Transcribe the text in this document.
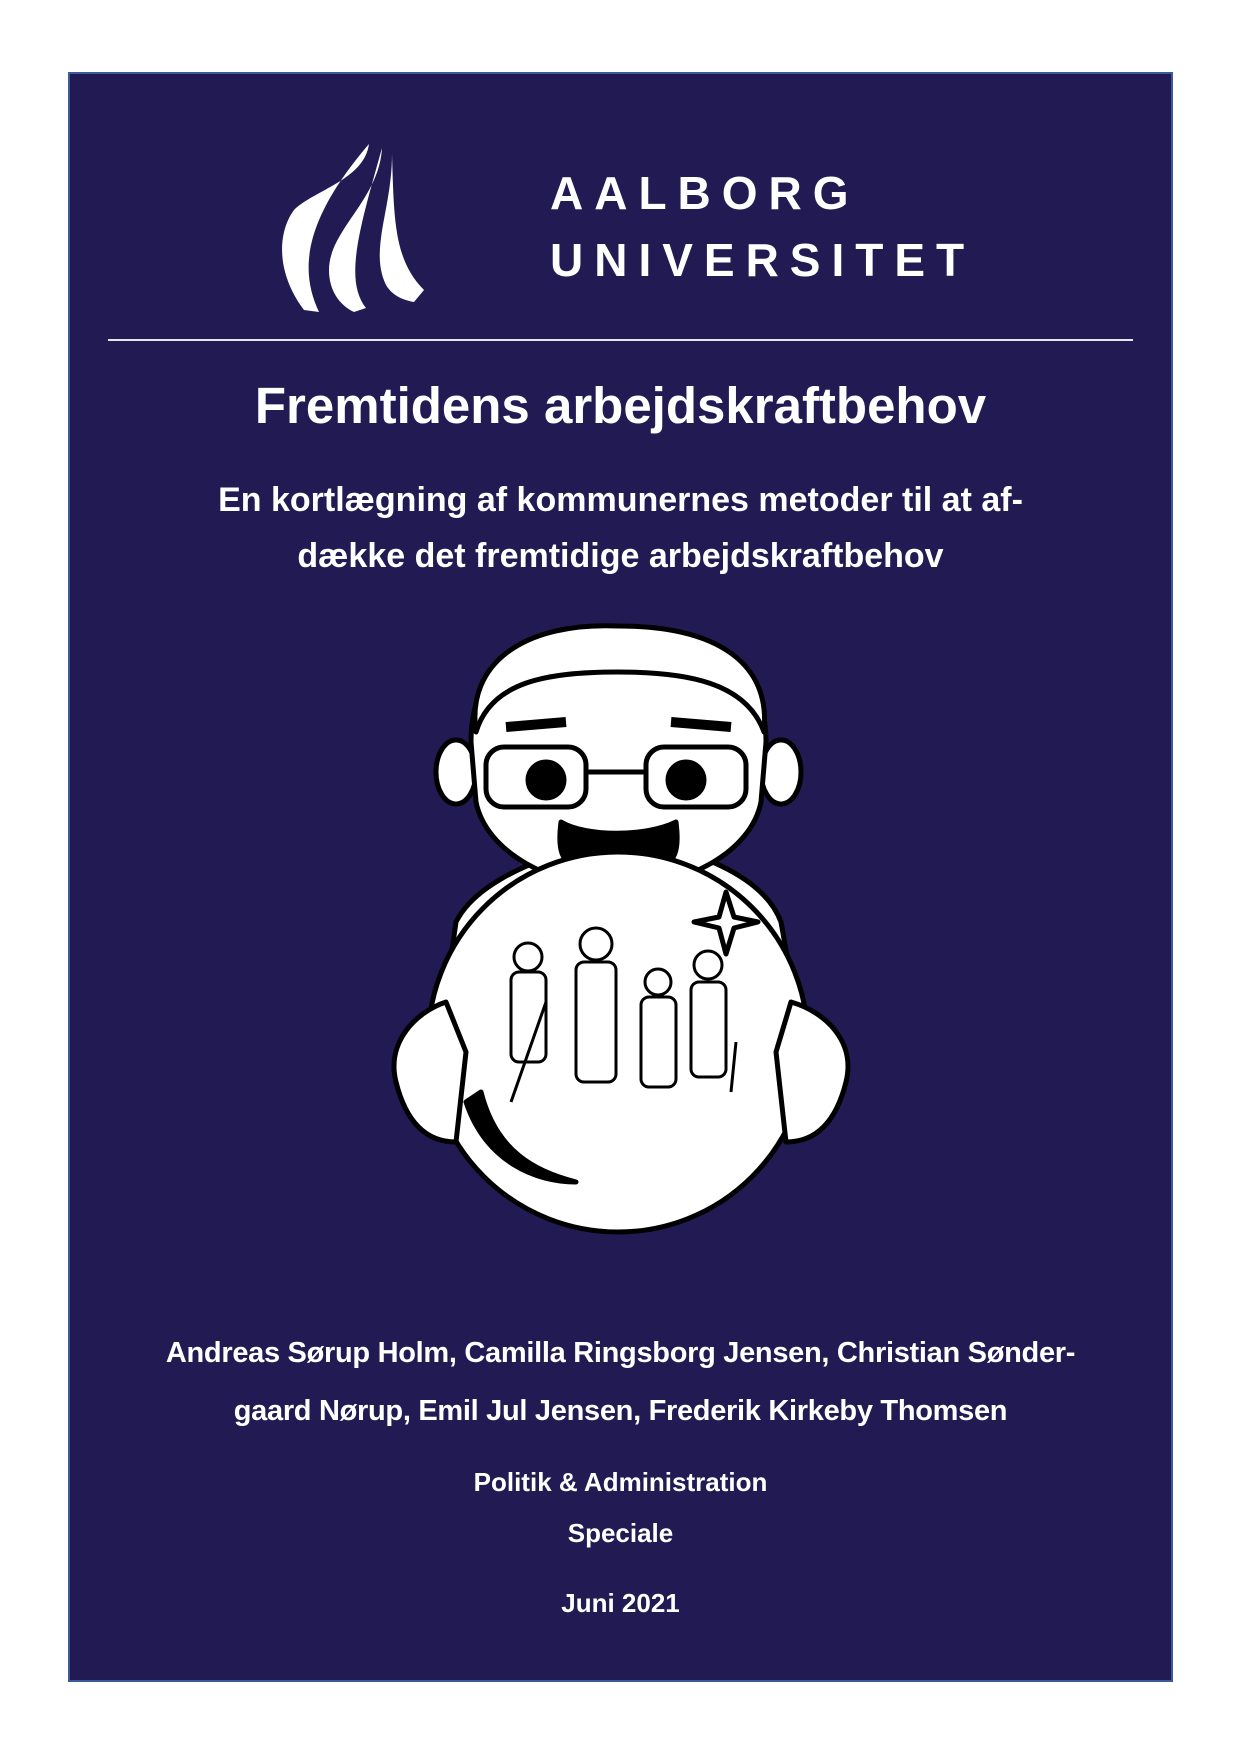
AALBORG
UNIVERSITET
Fremtidens arbejdskraftbehov
En kortlægning af kommunernes metoder til at af-
dække det fremtidige arbejdskraftbehov
Andreas Sørup Holm, Camilla Ringsborg Jensen, Christian Sønder-
gaard Nørup, Emil Jul Jensen, Frederik Kirkeby Thomsen
Politik & Administration
Speciale
Juni 2021
